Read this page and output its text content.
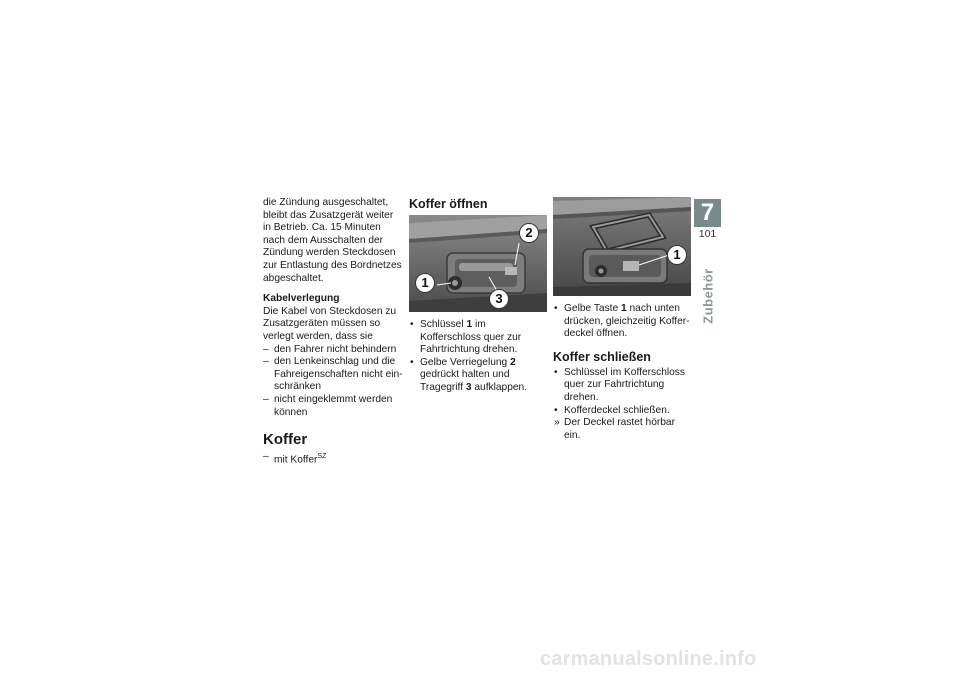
die Zündung ausgeschaltet, bleibt das Zusatzgerät weiter in Betrieb. Ca. 15 Minuten nach dem Ausschalten der Zündung werden Steckdosen zur Entlastung des Bordnetzes abgeschaltet.

Kabelverlegung

Die Kabel von Steckdosen zu Zusatzgeräten müssen so verlegt werden, dass sie

– den Fahrer nicht behindern
– den Lenkeinschlag und die Fahreigenschaften nicht einschränken
– nicht eingeklemmt werden können
Koffer
– mit Koffer$^{SZ}$
Koffer öffnen
1
2
3
• Schlüssel 1 im Kofferschloss quer zur Fahrtrichtung drehen.
• Gelbe Verriegelung 2 gedrückt halten und Tragegriff 3 aufklappen.
1
• Gelbe Taste 1 nach unten drücken, gleichzeitig Kofferdeckel öffnen.
Koffer schließen
• Schlüssel im Kofferschloss quer zur Fahrtrichtung drehen.
• Kofferdeckel schließen.
» Der Deckel rastet hörbar ein.
7
101
Zubehör
carmanualsonline.info
